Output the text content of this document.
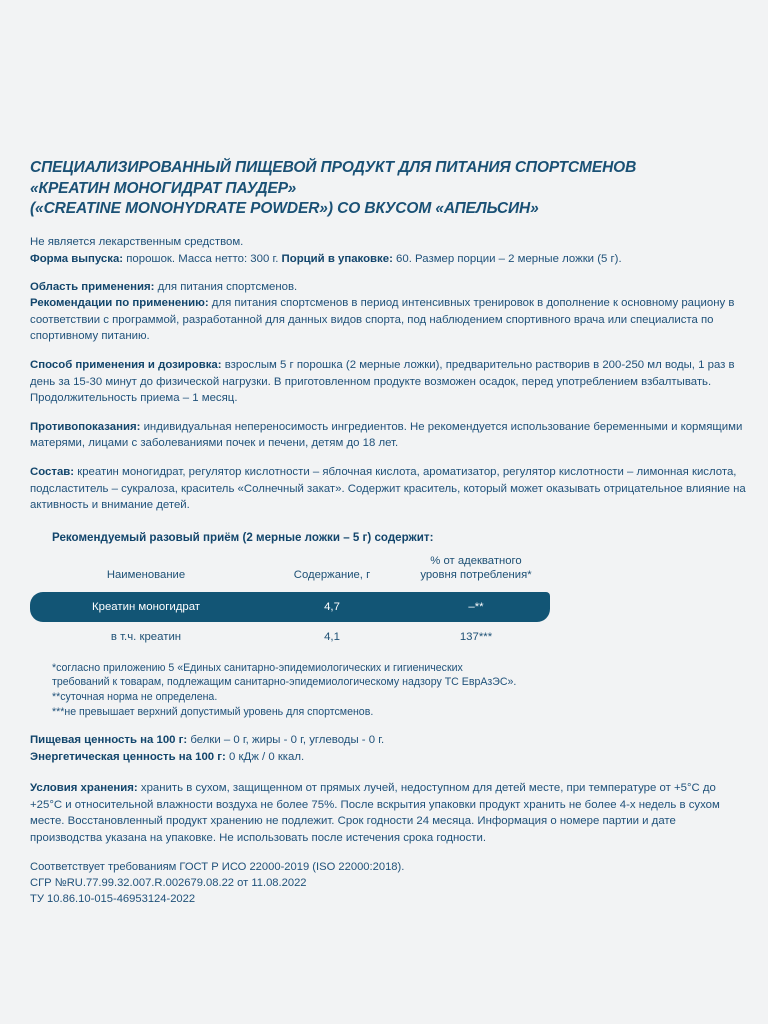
СПЕЦИАЛИЗИРОВАННЫЙ ПИЩЕВОЙ ПРОДУКТ ДЛЯ ПИТАНИЯ СПОРТСМЕНОВ
«КРЕАТИН МОНОГИДРАТ ПАУДЕР»
(«CREATINE MONOHYDRATE POWDER») СО ВКУСОМ «АПЕЛЬСИН»

Не является лекарственным средством.

Форма выпуска: порошок. Масса нетто: 300 г. Порций в упаковке: 60. Размер порции – 2 мерные ложки (5 г).

Область применения: для питания спортсменов.

Рекомендации по применению: для питания спортсменов в период интенсивных тренировок в дополнение к основному рациону в соответствии с программой, разработанной для данных видов спорта, под наблюдением спортивного врача или специалиста по спортивному питанию.

Способ применения и дозировка: взрослым 5 г порошка (2 мерные ложки), предварительно растворив в 200-250 мл воды, 1 раз в день за 15-30 минут до физической нагрузки. В приготовленном продукте возможен осадок, перед употреблением взбалтывать. Продолжительность приема – 1 месяц.

Противопоказания: индивидуальная непереносимость ингредиентов. Не рекомендуется использование беременными и кормящими матерями, лицами с заболеваниями почек и печени, детям до 18 лет.

Состав: креатин моногидрат, регулятор кислотности – яблочная кислота, ароматизатор, регулятор кислотности – лимонная кислота, подсластитель – сукралоза, краситель «Солнечный закат». Содержит краситель, который может оказывать отрицательное влияние на активность и внимание детей.

Рекомендуемый разовый приём (2 мерные ложки – 5 г) содержит:
Наименование	Содержание, г	% от адекватного
уровня потребления*
Креатин моногидрат	4,7	–**
в т.ч. креатин	4,1	137***
*согласно приложению 5 «Единых санитарно-эпидемиологических и гигиенических
требований к товарам, подлежащим санитарно-эпидемиологическому надзору ТС ЕврАзЭС».
**суточная норма не определена.
***не превышает верхний допустимый уровень для спортсменов.

Пищевая ценность на 100 г: белки – 0 г, жиры - 0 г, углеводы - 0 г.

Энергетическая ценность на 100 г: 0 кДж / 0 ккал.

Условия хранения: хранить в сухом, защищенном от прямых лучей, недоступном для детей месте, при температуре от +5°С до +25°С и относительной влажности воздуха не более 75%. После вскрытия упаковки продукт хранить не более 4-х недель в сухом месте. Восстановленный продукт хранению не подлежит. Срок годности 24 месяца. Информация о номере партии и дате производства указана на упаковке. Не использовать после истечения срока годности.

Соответствует требованиям ГОСТ Р ИСО 22000-2019 (ISO 22000:2018).
СГР №RU.77.99.32.007.R.002679.08.22 от 11.08.2022
ТУ 10.86.10-015-46953124-2022
